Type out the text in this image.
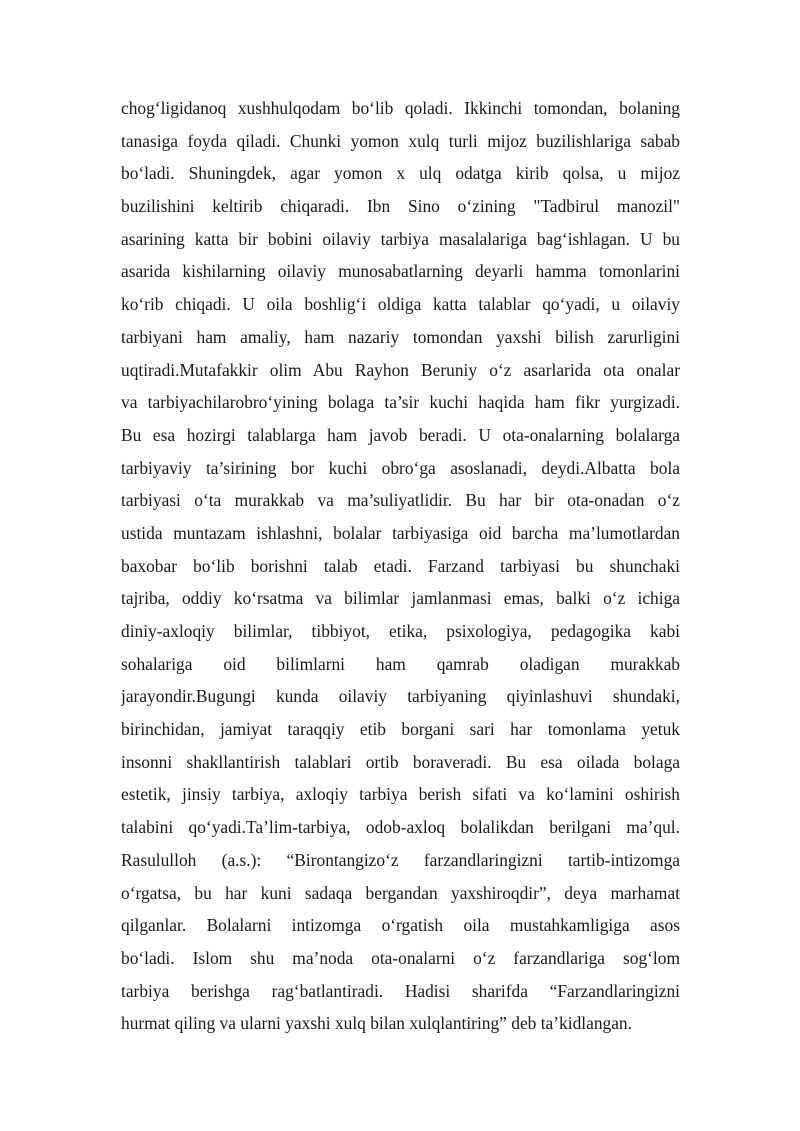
chog‘ligidanoq xushhulqodam bo‘lib qoladi. Ikkinchi tomondan, bolaning
tanasiga foyda qiladi. Chunki yomon xulq turli mijoz buzilishlariga sabab
bo‘ladi. Shuningdek, agar yomon x ulq odatga kirib qolsa, u mijoz
buzilishini keltirib chiqaradi. Ibn Sino o‘zining "Tadbirul manozil"
asarining katta bir bobini oilaviy tarbiya masalalariga bag‘ishlagan. U bu
asarida kishilarning oilaviy munosabatlarning deyarli hamma tomonlarini
ko‘rib chiqadi. U oila boshlig‘i oldiga katta talablar qo‘yadi, u oilaviy
tarbiyani ham amaliy, ham nazariy tomondan yaxshi bilish zarurligini
uqtiradi.Mutafakkir olim Abu Rayhon Beruniy o‘z asarlarida ota onalar
va tarbiyachilarobro‘yining bolaga ta’sir kuchi haqida ham fikr yurgizadi.
Bu esa hozirgi talablarga ham javob beradi. U ota-onalarning bolalarga
tarbiyaviy ta’sirining bor kuchi obro‘ga asoslanadi, deydi.Albatta bola
tarbiyasi o‘ta murakkab va ma’suliyatlidir. Bu har bir ota-onadan o‘z
ustida muntazam ishlashni, bolalar tarbiyasiga oid barcha ma’lumotlardan
baxobar bo‘lib borishni talab etadi. Farzand tarbiyasi bu shunchaki
tajriba, oddiy ko‘rsatma va bilimlar jamlanmasi emas, balki o‘z ichiga
diniy-axloqiy bilimlar, tibbiyot, etika, psixologiya, pedagogika kabi
sohalariga oid bilimlarni ham qamrab oladigan murakkab
jarayondir.Bugungi kunda oilaviy tarbiyaning qiyinlashuvi shundaki,
birinchidan, jamiyat taraqqiy etib borgani sari har tomonlama yetuk
insonni shakllantirish talablari ortib boraveradi. Bu esa oilada bolaga
estetik, jinsiy tarbiya, axloqiy tarbiya berish sifati va ko‘lamini oshirish
talabini qo‘yadi.Ta’lim-tarbiya, odob-axloq bolalikdan berilgani ma’qul.
Rasululloh (a.s.): “Birontangizo‘z farzandlaringizni tartib-intizomga
o‘rgatsa, bu har kuni sadaqa bergandan yaxshiroqdir”, deya marhamat
qilganlar. Bolalarni intizomga o‘rgatish oila mustahkamligiga asos
bo‘ladi. Islom shu ma’noda ota-onalarni o‘z farzandlariga sog‘lom
tarbiya berishga rag‘batlantiradi. Hadisi sharifda “Farzandlaringizni
hurmat qiling va ularni yaxshi xulq bilan xulqlantiring” deb ta’kidlangan.
